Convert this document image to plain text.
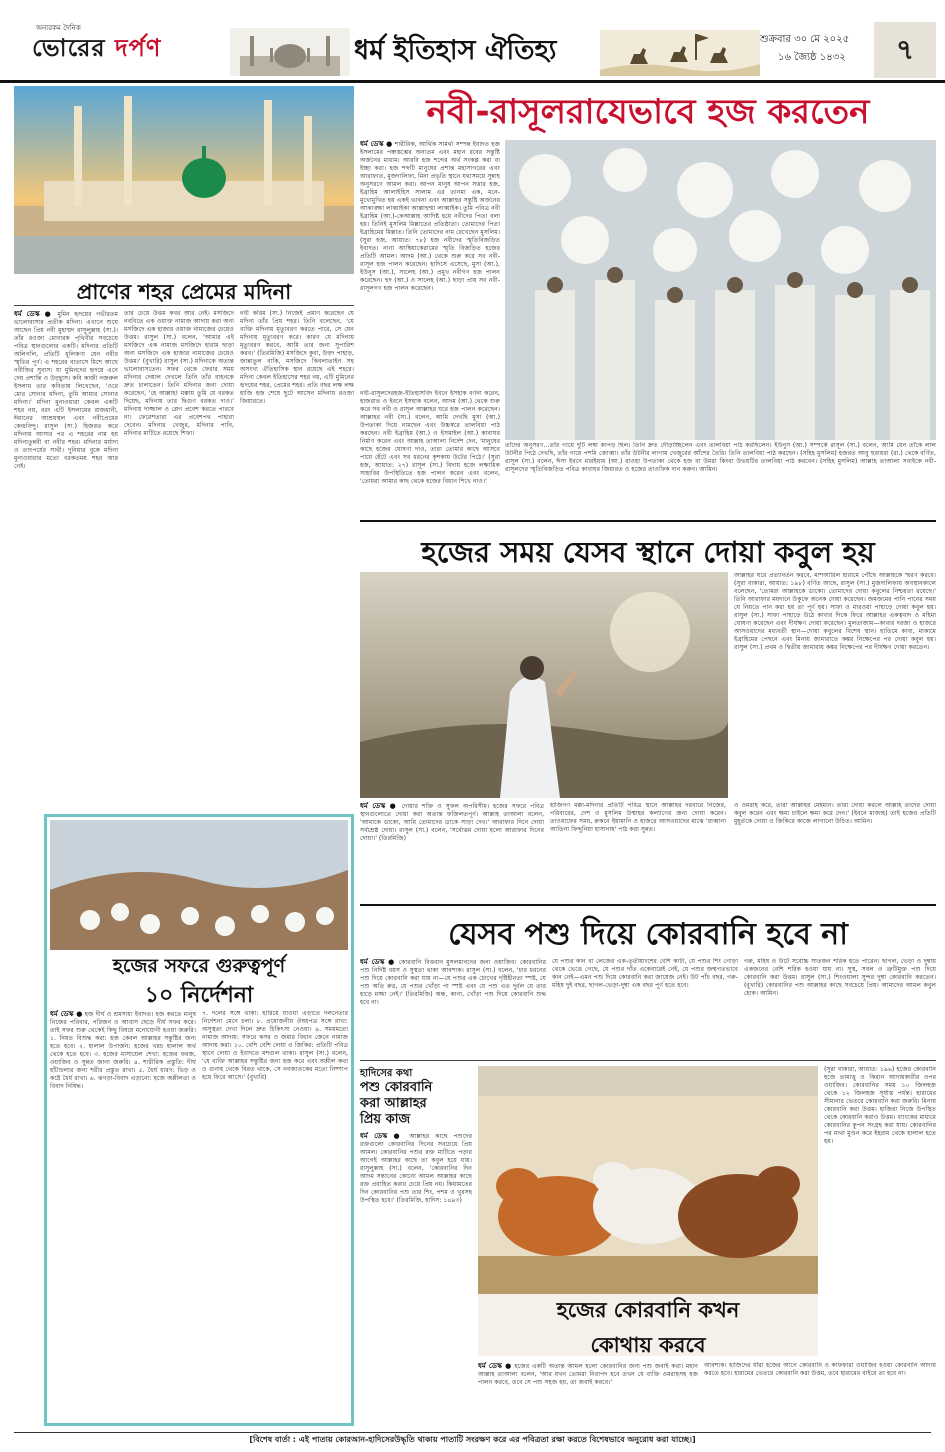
অন্যরকম দৈনিক
ভোরের দর্পণ	ধর্ম ইতিহাস ঐতিহ্য	শুক্রবার ৩০ মে ২০২৫
১৬ জ্যৈষ্ঠ ১৪৩২	৭
প্রাণের শহর প্রেমের মদিনা
ধর্ম ডেস্ক ● মুমিন হৃদয়ের গভীরতম ভালোবাসার প্রতীক মদিনা। এখানে শুয়ে আছেন প্রিয় নবী মুহাম্মদ রাসুলুল্লাহ (সা.)। তাঁর রওজা মোবারক পৃথিবীর সবচেয়ে পবিত্র স্থানগুলোর একটি। মদিনার প্রতিটি অলিগলি, প্রতিটি ধূলিকণা যেন নবীর স্মৃতির পূর্ণ। এ শহরের বাতাসে মিশে আছে নবীজির সুবাস। যা মুমিনদের হৃদয়ে এনে দেয় প্রশান্তি ও উচ্ছ্বাস। কবি কাজী নজরুল ইসলাম তার কবিতায় লিখেছেন, 'ওরে মোর সোনার মদিনা, তুমি আমার সোনার মদিনা।' মদিনা মুনাওয়ারা কেবল একটি শহর নয়, বরং এটি ইসলামের রাজধানী, ঈমানের আশ্রয়স্থল এবং নবীপ্রেমের কেন্দ্রবিন্দু। রাসুল (সা.) হিজরত করে মদিনায় আসার পর এ শহরের নাম হয় মদিনাতুন্নবী বা নবীর শহর। মদিনার মর্যাদা ও তাৎপর্যের সাথী। দুনিয়ার বুকে মদিনা মুনাওয়ারার মতো বরকতময় শহর আর নেই।
তার চেয়ে উত্তম কবর আর নেই। মসজিদে নববিতে এক ওয়াক্ত নামাজ আদায় করা অন্য মসজিদে এক হাজার ওয়াক্ত নামাজের চেয়েও উত্তম। রাসুল (সা.) বলেন, 'আমার এই মসজিদে এক নামাজ মসজিদে হারাম ছাড়া অন্য মসজিদে এক হাজার নামাজের চেয়েও উত্তম।' (বুখারি) রাসুল (সা.) মদিনাকে অত্যন্ত ভালোবাসতেন। সফর থেকে ফেরার সময় মদিনার দেয়াল দেখলে তিনি তাঁর বাহনকে দ্রুত চালাতেন। তিনি মদিনার জন্য দোয়া করেছেন, 'হে আল্লাহ! মক্কায় তুমি যে বরকত দিয়েছ, মদিনায় তার দ্বিগুণ বরকত দাও।' মদিনায় দাজ্জাল ও প্লেগ প্রবেশ করতে পারবে না। ফেরেশতারা এর প্রবেশপথ পাহারা দেবেন। মদিনার খেজুর, মদিনার পানি, মদিনার মাটিতে রয়েছে শিফা।
নবী করিম (সা.) নিজেই প্রমাণ করেছেন যে মদিনা তাঁর প্রিয় শহর। তিনি বলেছেন, 'যে ব্যক্তি মদিনায় মৃত্যুবরণ করতে পারে, সে যেন মদিনায় মৃত্যুবরণ করে। কারণ যে মদিনায় মৃত্যুবরণ করবে, আমি তার জন্য সুপারিশ করব।' (তিরমিজি) মসজিদে কুবা, উহুদ পাহাড়, জান্নাতুল বাকি, মসজিদে কিবলাতাইন সহ অসংখ্য ঐতিহাসিক স্থান রয়েছে এই শহরে। মদিনা কেবল ইতিহাসের শহর নয়, এটি মুমিনের হৃদয়ের শহর, প্রেমের শহর। প্রতি বছর লক্ষ লক্ষ হাজি হজ শেষে ছুটে আসেন মদিনায় রওজা জিয়ারতে।
নবী-রাসূলরাযেভাবে হজ করতেন
ধর্ম ডেস্ক ● শারীরিক, আর্থিক সামর্থ্য সম্পন্ন ইবাদত হজ ইসলামের পঞ্চস্তম্ভের অন্যতম এবং মহান রবের সন্তুষ্টি অর্জনের মাধ্যম। আরবি হজ শব্দের অর্থ সংকল্প করা বা ইচ্ছা করা। হজ শব্দটি মানুষের প্রশান্ত মহাসাগরের এবং আরাফাত, মুজদালিফা, মিনা প্রভৃতি স্থানে যথাসময়ে সুন্নাহ অনুসরণে আমল করা। আপন মানুষ আপন সত্তার হজ, ইব্রাহিম আলাইহিস সালাম এর তানমা এক, মনে-মুখোমুখিত হয় একই ভাবনা এবং আল্লাহর সন্তুষ্টি অর্জনের আকাঙ্ক্ষা লাব্বাইকা আল্লাহুম্মা লাব্বাইক। তুমি পবিত্র নবী ইব্রাহিম (আ.)-কেআল্লাহ আদিষ্ট হয়ে নবীদের পিতা বলা হয়। তিনিই মুসলিম মিল্লাতের প্রতিষ্ঠাতা। তোমাদের পিতা ইব্রাহিমের মিল্লাত। তিনি তোমাদের নাম রেখেছেন মুসলিম। (সুরা হজ, আয়াত: ৭৮) হজ নবীদের স্মৃতিবিজড়িত ইবাদত। নানা আম্বিয়াকেরামের স্মৃতি বিজড়িত হজের প্রতিটি আমল। আদম (আ.) থেকে শুরু করে সব নবী-রাসূল হজ পালন করেছেন। হাদিসে এসেছে, মুসা (আ.), ইউনুস (আ.), সালেহ (আ.) প্রমুখ নবীগণ হজ পালন করেছেন। হুদ (আ.) ও সালেহ (আ.) ছাড়া প্রায় সব নবী-রাসূলগণ হজ পালন করেছেন।
নবী-রাসূলদেরহজ-ইতিহাসবিদ ইবনে ইসহাক বর্ণনা করেন, হাজরাত ও ইবনে ইসহাক বলেন, আদম (আ.) থেকে শুরু করে সব নবী ও রাসূল আল্লাহর ঘরে হজ পালন করেছেন। আল্লাহর নবী (সা.) বলেন, আমি দেখছি মুসা (আ.) উপত্যকা দিয়ে নামছেন এবং উচ্চস্বরে তালবিয়া পাঠ করছেন। নবী ইব্রাহিম (আ.) ও ইসমাইল (আ.) কাবাঘর নির্মাণ করেন এবং আল্লাহ তাআলা নির্দেশ দেন, 'মানুষের কাছে হজের ঘোষণা দাও, তারা তোমার কাছে আসবে পায়ে হেঁটে এবং সব ধরনের কৃশকায় উটের পিঠে।' (সুরা হজ, আয়াত: ২৭) রাসূল (সা.) বিদায় হজে লক্ষাধিক সাহাবির উপস্থিতিতে হজ পালন করেন এবং বলেন, 'তোমরা আমার কাছ থেকে হজের বিধান শিখে নাও।'
তাঁদের অনুসরণ...তাঁর গায়ে দুটি লম্বা কাপড় ছিল। তিনি দ্রুত দৌড়াচ্ছিলেন এবং তালবিয়া পাঠ করছিলেন। ইউনুস (আ.) সম্পর্কে রাসূল (সা.) বলেন, আমি যেন তাঁকে লাল উটনীর পিঠে দেখছি, তাঁর গায়ে পশমি জোব্বা। তাঁর উটনীর লাগাম খেজুরের আঁশের তৈরি। তিনি তালবিয়া পাঠ করছেন। (সহিহ মুসলিম) হজরত আবু হুরায়রা (রা.) থেকে বর্ণিত, রাসূল (সা.) বলেন, ঈসা ইবনে মারইয়াম (আ.) রাওহা উপত্যকা থেকে হজ বা উমরা কিংবা উভয়টির তালবিয়া পাঠ করবেন। (সহিহ মুসলিম) আল্লাহ তাআলা সবাইকে নবী-রাসূলদের স্মৃতিবিজড়িত পবিত্র কাবাঘর জিয়ারত ও হজের তাওফিক দান করুন। আমিন।
হজের সময় যেসব স্থানে দোয়া কবুল হয়
আল্লাহর ঘরে প্রত্যাবর্তন করবে, মাশআরিল হারামে পৌঁছে আল্লাহকে স্মরণ করবে। (সুরা বাকারা, আয়াত: ১৯৮) বর্ণিত আছে, রাসুল (সা.) মুজদালিফায় অবস্থানকালে বলেছেন, 'তোমরা আল্লাহকে ডাকো। তোমাদের দোয়া কবুলের নিশ্চয়তা রয়েছে।' তিনি আরাফার ময়দানে উকুফে অনেক দোয়া করেছেন। জমজমের পানি পানের সময় যে নিয়তে পান করা হয় তা পূর্ণ হয়। সাফা ও মারওয়া পাহাড়ে দোয়া কবুল হয়। রাসুল (সা.) সাফা পাহাড়ে উঠে কাবার দিকে ফিরে আল্লাহর একত্ববাদ ও মহিমা ঘোষণা করেছেন এবং দীর্ঘক্ষণ দোয়া করেছেন। মুলতাজাম—কাবার দরজা ও হাজরে আসওয়াদের মধ্যবর্তী স্থান—দোয়া কবুলের বিশেষ স্থান। হাতিমে কাবা, মাকামে ইব্রাহিমের পেছনে এবং মিনায় জামারাতে কঙ্কর নিক্ষেপের পর দোয়া কবুল হয়। রাসুল (সা.) প্রথম ও দ্বিতীয় জামারায় কঙ্কর নিক্ষেপের পর দীর্ঘক্ষণ দোয়া করতেন।
ধর্ম ডেস্ক ● দোয়ার শক্তি ও সুফল অপরিসীম। হজের সফরে পবিত্র স্থানগুলোতে দোয়া করা অত্যন্ত ফজিলতপূর্ণ। আল্লাহ তাআলা বলেন, 'আমাকে ডাকো, আমি তোমাদের ডাকে সাড়া দেব।' আরাফার দিনে দোয়া সর্বশ্রেষ্ঠ দোয়া। রাসুল (সা.) বলেন, 'সর্বোত্তম দোয়া হলো আরাফার দিনের দোয়া।' (তিরমিজি)
হাজিগণ মক্কা-মদিনার প্রতিটি পবিত্র স্থানে আল্লাহর দরবারে নিজের, পরিবারের, দেশ ও মুসলিম উম্মাহর কল্যাণের জন্য দোয়া করেন। তাওয়াফের সময়, রুকনে ইয়ামানি ও হাজরে আসওয়াদের মাঝে 'রাব্বানা আতিনা ফিদ্দুনিয়া হাসানাহ' পাঠ করা সুন্নত।
ও ওমরাহ করে, তারা আল্লাহর মেহমান। তারা দোয়া করলে আল্লাহ তাদের দোয়া কবুল করেন এবং ক্ষমা চাইলে ক্ষমা করে দেন।' (ইবনে মাজাহ) তাই হজের প্রতিটি মুহূর্তকে দোয়া ও জিকিরে কাজে লাগানো উচিত। আমিন।
হজের সফরে গুরুত্বপূর্ণ
১০ নির্দেশনা
ধর্ম ডেস্ক ● হজ দীর্ঘ ও শ্রমসাধ্য ইবাদত। হজ করতে মানুষ নিজের পরিবার, পরিজন ও আবাস ছেড়ে দীর্ঘ সফর করে। তাই সফর শুরু থেকেই কিছু বিষয়ে মনোযোগী হওয়া জরুরি। ১. নিয়ত বিশুদ্ধ করা: হজ কেবল আল্লাহর সন্তুষ্টির জন্য হতে হবে। ২. হালাল উপার্জন: হজের খরচ হালাল অর্থ থেকে হতে হবে। ৩. হজের মাসায়েল শেখা: হজের ফরজ, ওয়াজিব ও সুন্নত জানা জরুরি। ৪. শারীরিক প্রস্তুতি: দীর্ঘ হাঁটাচলার জন্য শরীর প্রস্তুত রাখা। ৫. ধৈর্য ধারণ: ভিড় ও কষ্টে ধৈর্য রাখা। ৬. ঝগড়া-বিবাদ এড়ানো: হজে অশ্লীলতা ও বিবাদ নিষিদ্ধ।
৭. দলের সঙ্গে থাকা: হারিয়ে যাওয়া এড়াতে দলনেতার নির্দেশনা মেনে চলা। ৮. প্রয়োজনীয় ঔষধপত্র সঙ্গে রাখা: অসুস্থতা দেখা দিলে দ্রুত চিকিৎসা নেওয়া। ৯. সময়মতো নামাজ আদায়: সফরে কসর ও জমার বিধান জেনে নামাজ আদায় করা। ১০. বেশি বেশি দোয়া ও জিকির: প্রতিটি পবিত্র স্থানে দোয়া ও ইবাদতে মশগুল থাকা। রাসুল (সা.) বলেন, 'যে ব্যক্তি আল্লাহর সন্তুষ্টির জন্য হজ করে এবং অশ্লীল কথা ও গুনাহ থেকে বিরত থাকে, সে নবজাতকের মতো নিষ্পাপ হয়ে ফিরে আসে।' (বুখারি)
যেসব পশু দিয়ে কোরবানি হবে না
ধর্ম ডেস্ক ● কোরবানি বিত্তবান মুসলমানদের জন্য ওয়াজিব। কোরবানির পশু নির্দিষ্ট বয়স ও সুস্থতা থাকা আবশ্যক। রাসুল (সা.) বলেন, 'চার ধরনের পশু দিয়ে কোরবানি করা যায় না—যে পশুর এক চোখের দৃষ্টিহীনতা স্পষ্ট, যে পশু অতি রুগ্ন, যে পশুর খোঁড়া পা স্পষ্ট এবং যে পশু এত দুর্বল যে তার হাড়ে মজ্জা নেই।' (তিরমিজি) অন্ধ, কানা, খোঁড়া পশু দিয়ে কোরবানি শুদ্ধ হবে না।
যে পশুর কান বা লেজের এক-তৃতীয়াংশের বেশি কাটা, যে পশুর শিং গোড়া থেকে ভেঙে গেছে, যে পশুর দাঁত একেবারেই নেই, যে পশুর জন্মগতভাবে কান নেই—এমন পশু দিয়ে কোরবানি করা জায়েজ নেই। উট পাঁচ বছর, গরু-মহিষ দুই বছর, ছাগল-ভেড়া-দুম্বা এক বছর পূর্ণ হতে হবে।
গরু, মহিষ ও উটে সর্বোচ্চ সাতজন শরিক হতে পারেন। ছাগল, ভেড়া ও দুম্বায় একজনের বেশি শরিক হওয়া যায় না। সুস্থ, সবল ও ত্রুটিমুক্ত পশু দিয়ে কোরবানি করা উত্তম। রাসুল (সা.) শিংওয়ালা সুন্দর দুম্বা কোরবানি করতেন। (বুখারি) কোরবানির পশু আল্লাহর কাছে সবচেয়ে প্রিয়। আমাদের আমল কবুল হোক। আমিন।
হাদিসের কথা
পশু কোরবানি
করা আল্লাহর
প্রিয় কাজ
ধর্ম ডেস্ক ● আল্লাহর কাছে পশুদের রক্তগুলো কোরবানির দিনের সবচেয়ে প্রিয় আমল। কোরবানির পশুর রক্ত মাটিতে পড়ার আগেই আল্লাহর কাছে তা কবুল হয়ে যায়। রাসুলুল্লাহ (সা.) বলেন, 'কোরবানির দিন আদম সন্তানের কোনো আমল আল্লাহর কাছে রক্ত প্রবাহিত করার চেয়ে প্রিয় নয়। কিয়ামতের দিন কোরবানির পশু তার শিং, পশম ও খুরসহ উপস্থিত হবে।' (তিরমিজি, হাদিস: ১৪৯৩)
(সুরা বাকারা, আয়াত: ১৯৬) হজের কোরবানি হজে তামাত্তু ও কিরান আদায়কারীর ওপর ওয়াজিব। কোরবানির সময় ১০ জিলহজ থেকে ১২ জিলহজ সূর্যাস্ত পর্যন্ত। হারামের সীমানার ভেতরে কোরবানি করা জরুরি। মিনায় কোরবানি করা উত্তম। হাজিরা নিজে উপস্থিত থেকে কোরবানি করাও উত্তম। ব্যাংকের মাধ্যমে কোরবানির কুপন সংগ্রহ করা যায়। কোরবানির পর মাথা মুণ্ডন করে ইহরাম থেকে হালাল হতে হয়।
হজের কোরবানি কখন
কোথায় করবে
ধর্ম ডেস্ক ● হজের একটি অত্যন্ত আমল হলো কোরবানির জন্য পশু জবাই করা। মহান আল্লাহ তাআলা বলেন, 'আর যখন তোমরা নিরাপদ হবে তখন যে ব্যক্তি ওমরাহসহ হজ পালন করবে, তবে সে পশু সহজ হয়, তা জবাই করবে।'
আবশ্যক। হাজিদের যাঁরা হজের আগে কোরবানি ও কাফফারা ওয়াজিব হওয়া কোরবানি আদায় করতে হবে। হারামের ভেতরে কোরবানি করা উত্তম, তবে হারামের বাইরে তা হবে না।
[বিশেষ বার্তা : এই পাতায় কোরআন-হাদিসেরউদ্ধৃতি থাকায় পাতাটি সংরক্ষণ করে এর পবিত্রতা রক্ষা করতে বিশেষভাবে অনুরোধ করা যাচ্ছে।]
